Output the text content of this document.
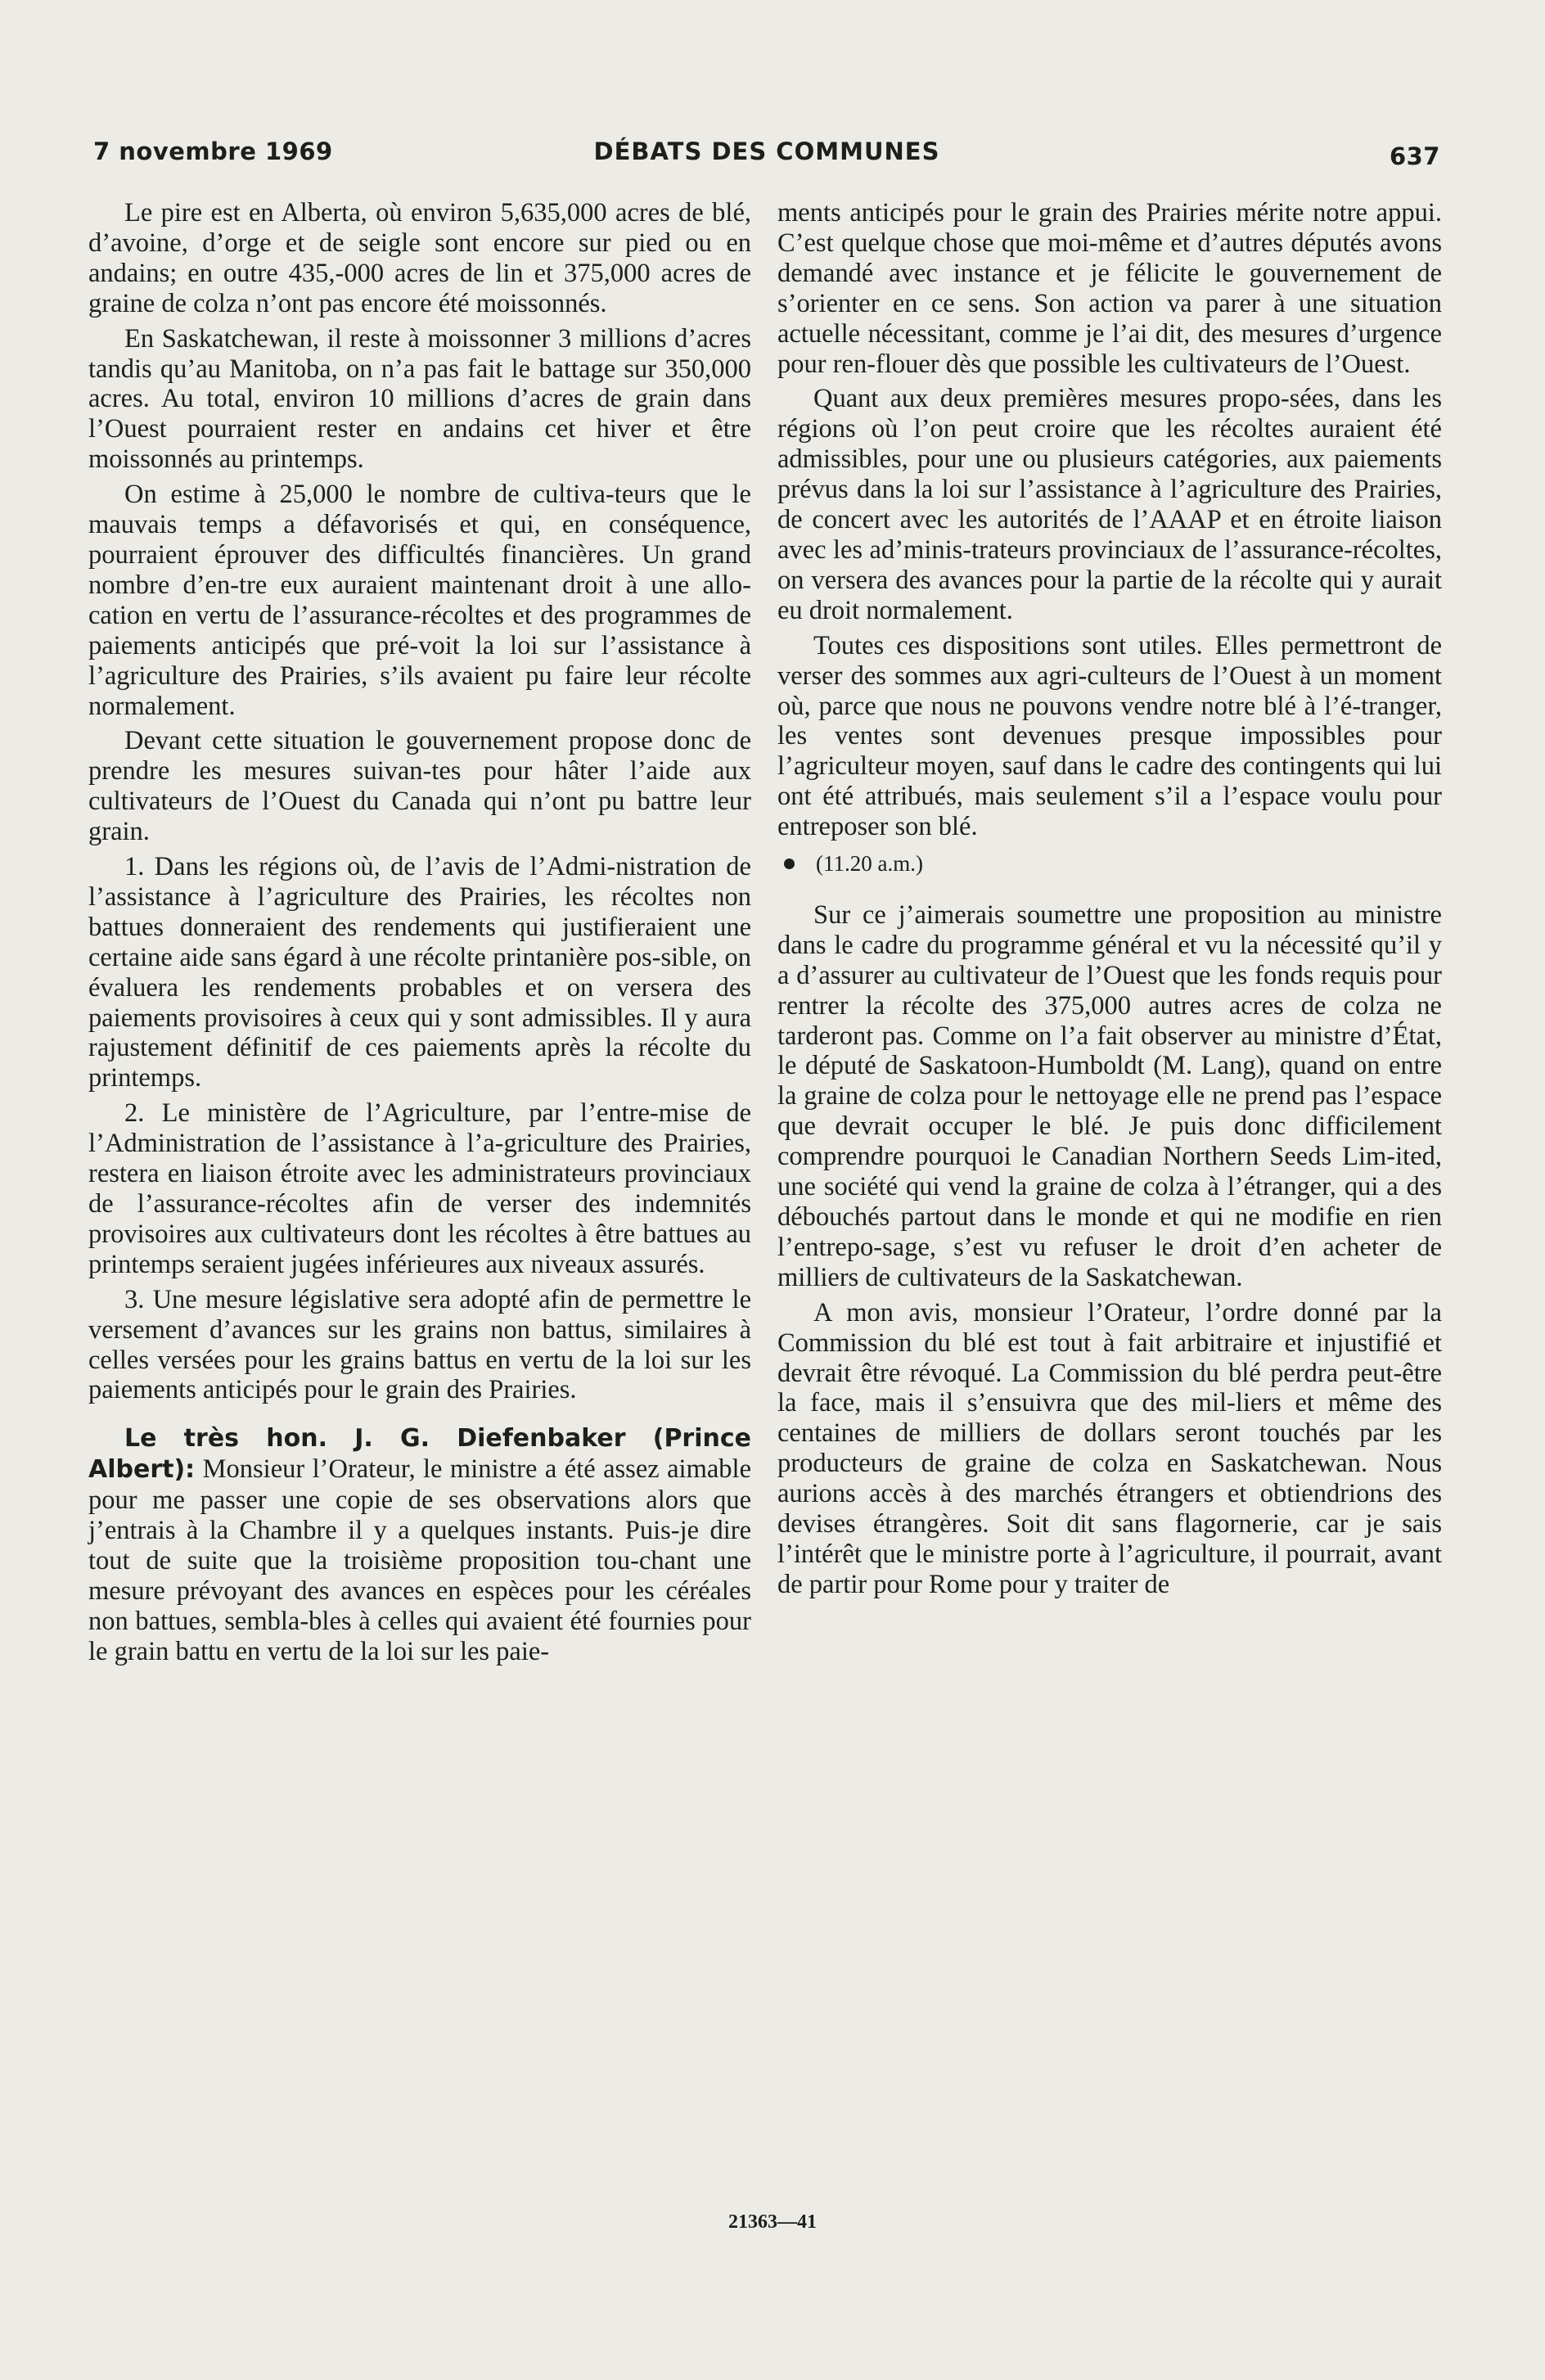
7 novembre 1969	DÉBATS DES COMMUNES	637

Le pire est en Alberta, où environ 5,635,000 acres de blé, d’avoine, d’orge et de seigle sont encore sur pied ou en andains; en outre 435,-000 acres de lin et 375,000 acres de graine de colza n’ont pas encore été moissonnés.

En Saskatchewan, il reste à moissonner 3 millions d’acres tandis qu’au Manitoba, on n’a pas fait le battage sur 350,000 acres. Au total, environ 10 millions d’acres de grain dans l’Ouest pourraient rester en andains cet hiver et être moissonnés au printemps.

On estime à 25,000 le nombre de cultiva-teurs que le mauvais temps a défavorisés et qui, en conséquence, pourraient éprouver des difficultés financières. Un grand nombre d’en-tre eux auraient maintenant droit à une allo-cation en vertu de l’assurance-récoltes et des programmes de paiements anticipés que pré-voit la loi sur l’assistance à l’agriculture des Prairies, s’ils avaient pu faire leur récolte normalement.

Devant cette situation le gouvernement propose donc de prendre les mesures suivan-tes pour hâter l’aide aux cultivateurs de l’Ouest du Canada qui n’ont pu battre leur grain.

1. Dans les régions où, de l’avis de l’Admi-nistration de l’assistance à l’agriculture des Prairies, les récoltes non battues donneraient des rendements qui justifieraient une certaine aide sans égard à une récolte printanière pos-sible, on évaluera les rendements probables et on versera des paiements provisoires à ceux qui y sont admissibles. Il y aura rajustement définitif de ces paiements après la récolte du printemps.

2. Le ministère de l’Agriculture, par l’entre-mise de l’Administration de l’assistance à l’a-griculture des Prairies, restera en liaison étroite avec les administrateurs provinciaux de l’assurance-récoltes afin de verser des indemnités provisoires aux cultivateurs dont les récoltes à être battues au printemps seraient jugées inférieures aux niveaux assurés.

3. Une mesure législative sera adopté afin de permettre le versement d’avances sur les grains non battus, similaires à celles versées pour les grains battus en vertu de la loi sur les paiements anticipés pour le grain des Prairies.

Le très hon. J. G. Diefenbaker (Prince Albert): Monsieur l’Orateur, le ministre a été assez aimable pour me passer une copie de ses observations alors que j’entrais à la Chambre il y a quelques instants. Puis-je dire tout de suite que la troisième proposition tou-chant une mesure prévoyant des avances en espèces pour les céréales non battues, sembla-bles à celles qui avaient été fournies pour le grain battu en vertu de la loi sur les paie-

ments anticipés pour le grain des Prairies mérite notre appui. C’est quelque chose que moi-même et d’autres députés avons demandé avec instance et je félicite le gouvernement de s’orienter en ce sens. Son action va parer à une situation actuelle nécessitant, comme je l’ai dit, des mesures d’urgence pour ren-flouer dès que possible les cultivateurs de l’Ouest.

Quant aux deux premières mesures propo-sées, dans les régions où l’on peut croire que les récoltes auraient été admissibles, pour une ou plusieurs catégories, aux paiements prévus dans la loi sur l’assistance à l’agriculture des Prairies, de concert avec les autorités de l’AAAP et en étroite liaison avec les ad’minis-trateurs provinciaux de l’assurance-récoltes, on versera des avances pour la partie de la récolte qui y aurait eu droit normalement.

Toutes ces dispositions sont utiles. Elles permettront de verser des sommes aux agri-culteurs de l’Ouest à un moment où, parce que nous ne pouvons vendre notre blé à l’é-tranger, les ventes sont devenues presque impossibles pour l’agriculteur moyen, sauf dans le cadre des contingents qui lui ont été attribués, mais seulement s’il a l’espace voulu pour entreposer son blé.

(11.20 a.m.)

Sur ce j’aimerais soumettre une proposition au ministre dans le cadre du programme général et vu la nécessité qu’il y a d’assurer au cultivateur de l’Ouest que les fonds requis pour rentrer la récolte des 375,000 autres acres de colza ne tarderont pas. Comme on l’a fait observer au ministre d’État, le député de Saskatoon-Humboldt (M. Lang), quand on entre la graine de colza pour le nettoyage elle ne prend pas l’espace que devrait occuper le blé. Je puis donc difficilement comprendre pourquoi le Canadian Northern Seeds Lim-ited, une société qui vend la graine de colza à l’étranger, qui a des débouchés partout dans le monde et qui ne modifie en rien l’entrepo-sage, s’est vu refuser le droit d’en acheter de milliers de cultivateurs de la Saskatchewan.

A mon avis, monsieur l’Orateur, l’ordre donné par la Commission du blé est tout à fait arbitraire et injustifié et devrait être révoqué. La Commission du blé perdra peut-être la face, mais il s’ensuivra que des mil-liers et même des centaines de milliers de dollars seront touchés par les producteurs de graine de colza en Saskatchewan. Nous aurions accès à des marchés étrangers et obtiendrions des devises étrangères. Soit dit sans flagornerie, car je sais l’intérêt que le ministre porte à l’agriculture, il pourrait, avant de partir pour Rome pour y traiter de

21363—41
